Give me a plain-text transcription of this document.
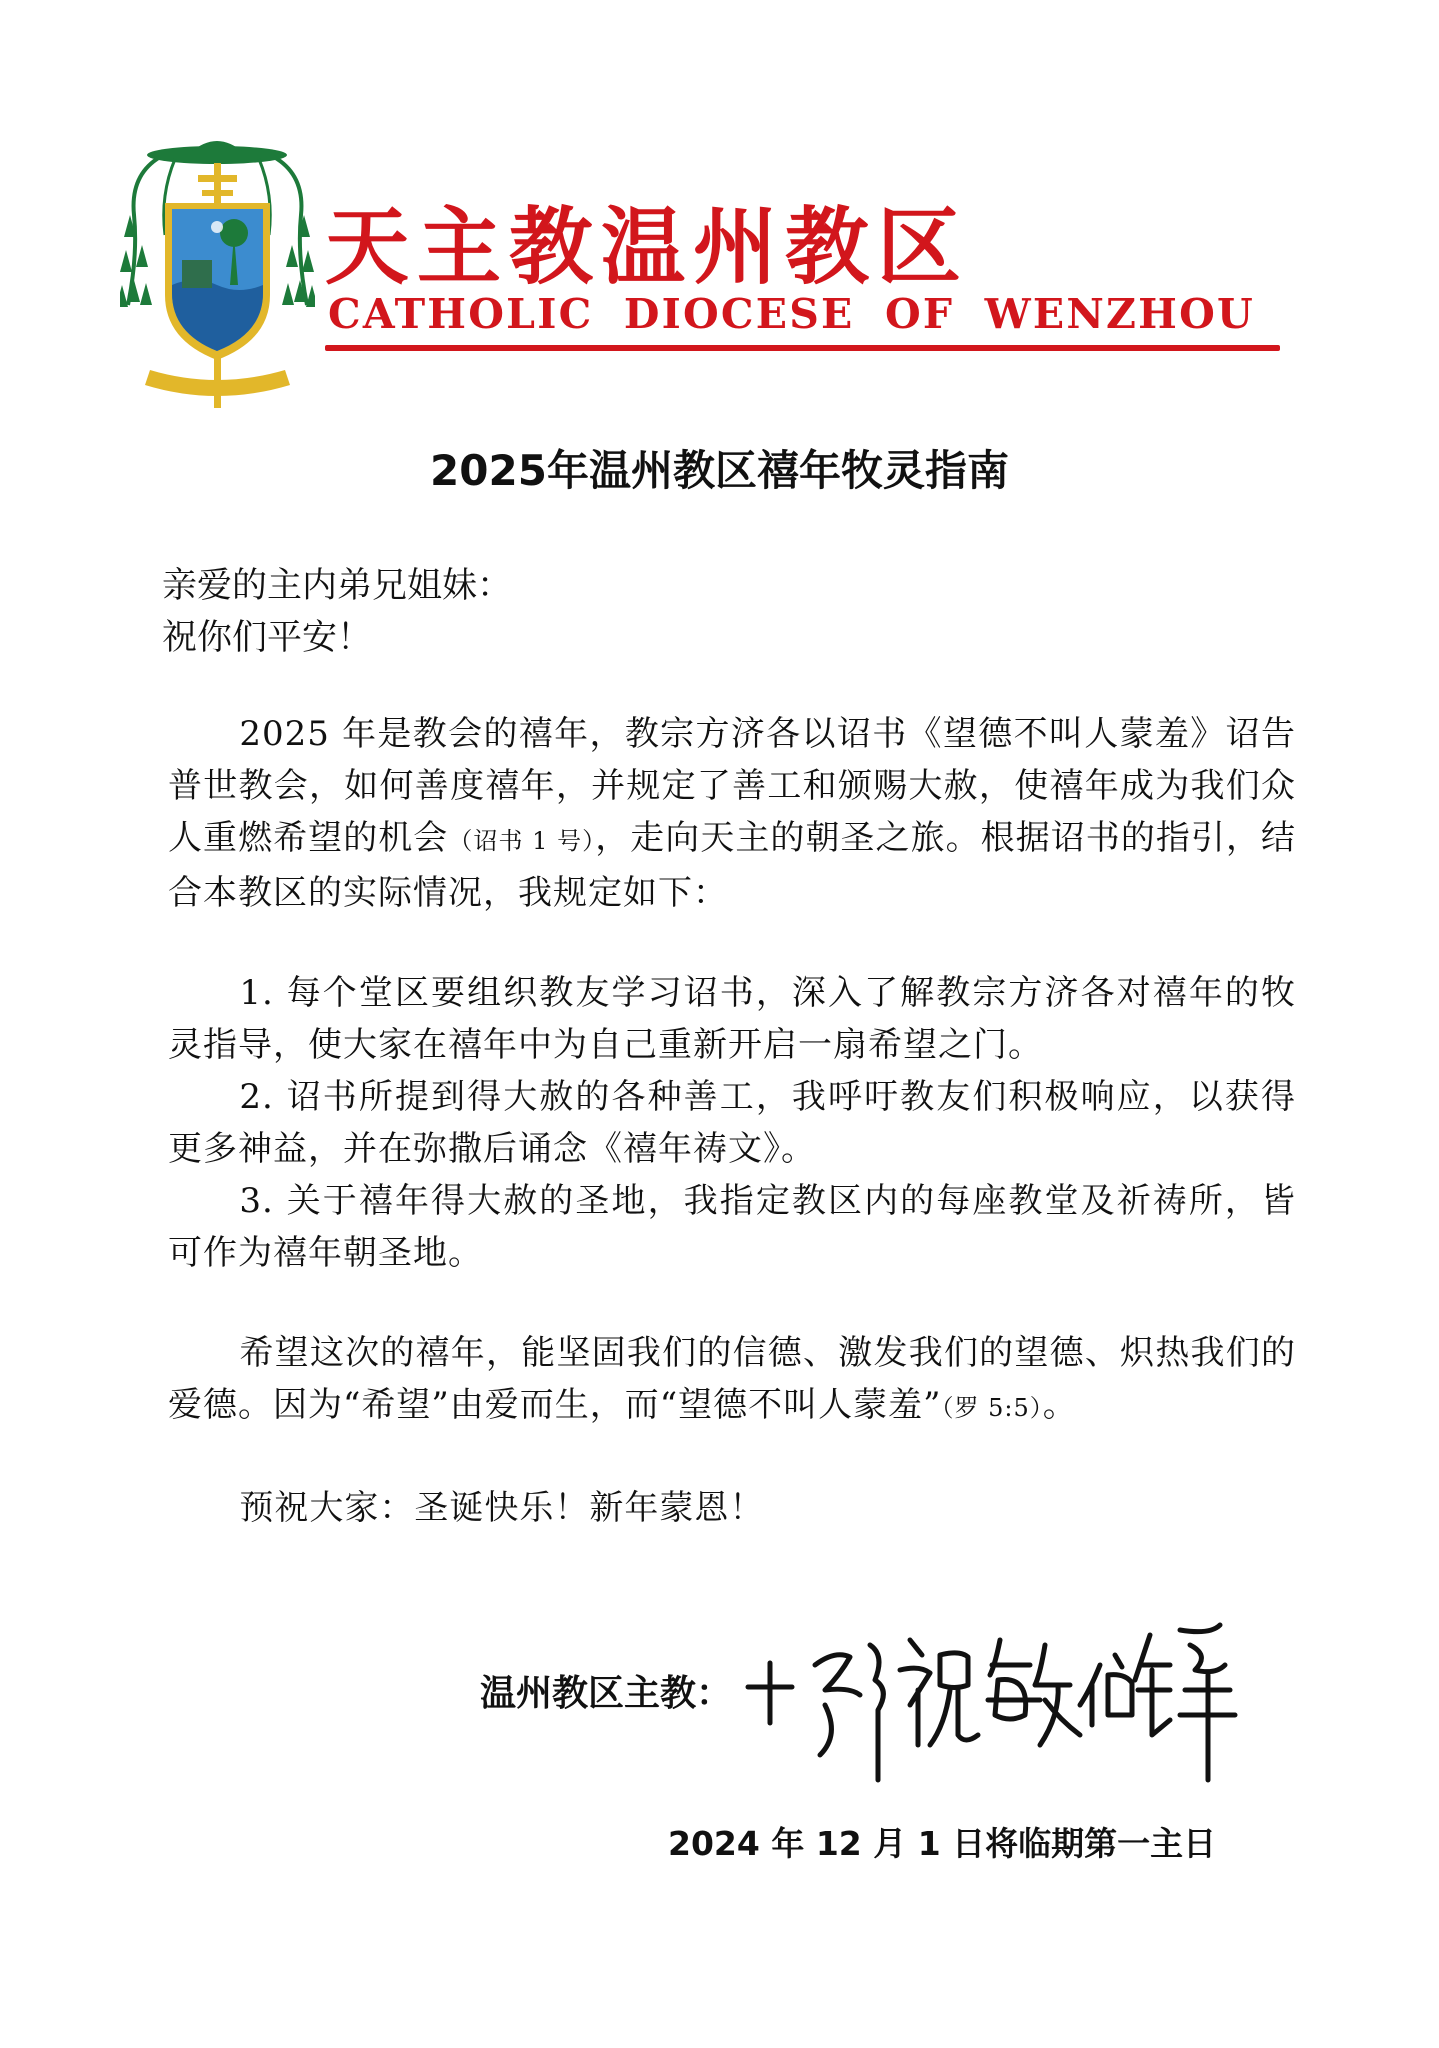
天主教温州教区
CATHOLIC DIOCESE OF WENZHOU
2025年温州教区禧年牧灵指南
亲爱的主内弟兄姐妹：
祝你们平安！

2025 年是教会的禧年，教宗方济各以诏书《望德不叫人蒙羞》诏告普世教会，如何善度禧年，并规定了善工和颁赐大赦，使禧年成为我们众人重燃希望的机会（诏书 1 号），走向天主的朝圣之旅。根据诏书的指引，结合本教区的实际情况，我规定如下：

1. 每个堂区要组织教友学习诏书，深入了解教宗方济各对禧年的牧灵指导，使大家在禧年中为自己重新开启一扇希望之门。

2. 诏书所提到得大赦的各种善工，我呼吁教友们积极响应，以获得更多神益，并在弥撒后诵念《禧年祷文》。

3. 关于禧年得大赦的圣地，我指定教区内的每座教堂及祈祷所，皆可作为禧年朝圣地。

希望这次的禧年，能坚固我们的信德、激发我们的望德、炽热我们的爱德。因为“希望”由爱而生，而“望德不叫人蒙羞”（罗 5:5）。

预祝大家：圣诞快乐！新年蒙恩！

温州教区主教：
2024 年 12 月 1 日将临期第一主日
